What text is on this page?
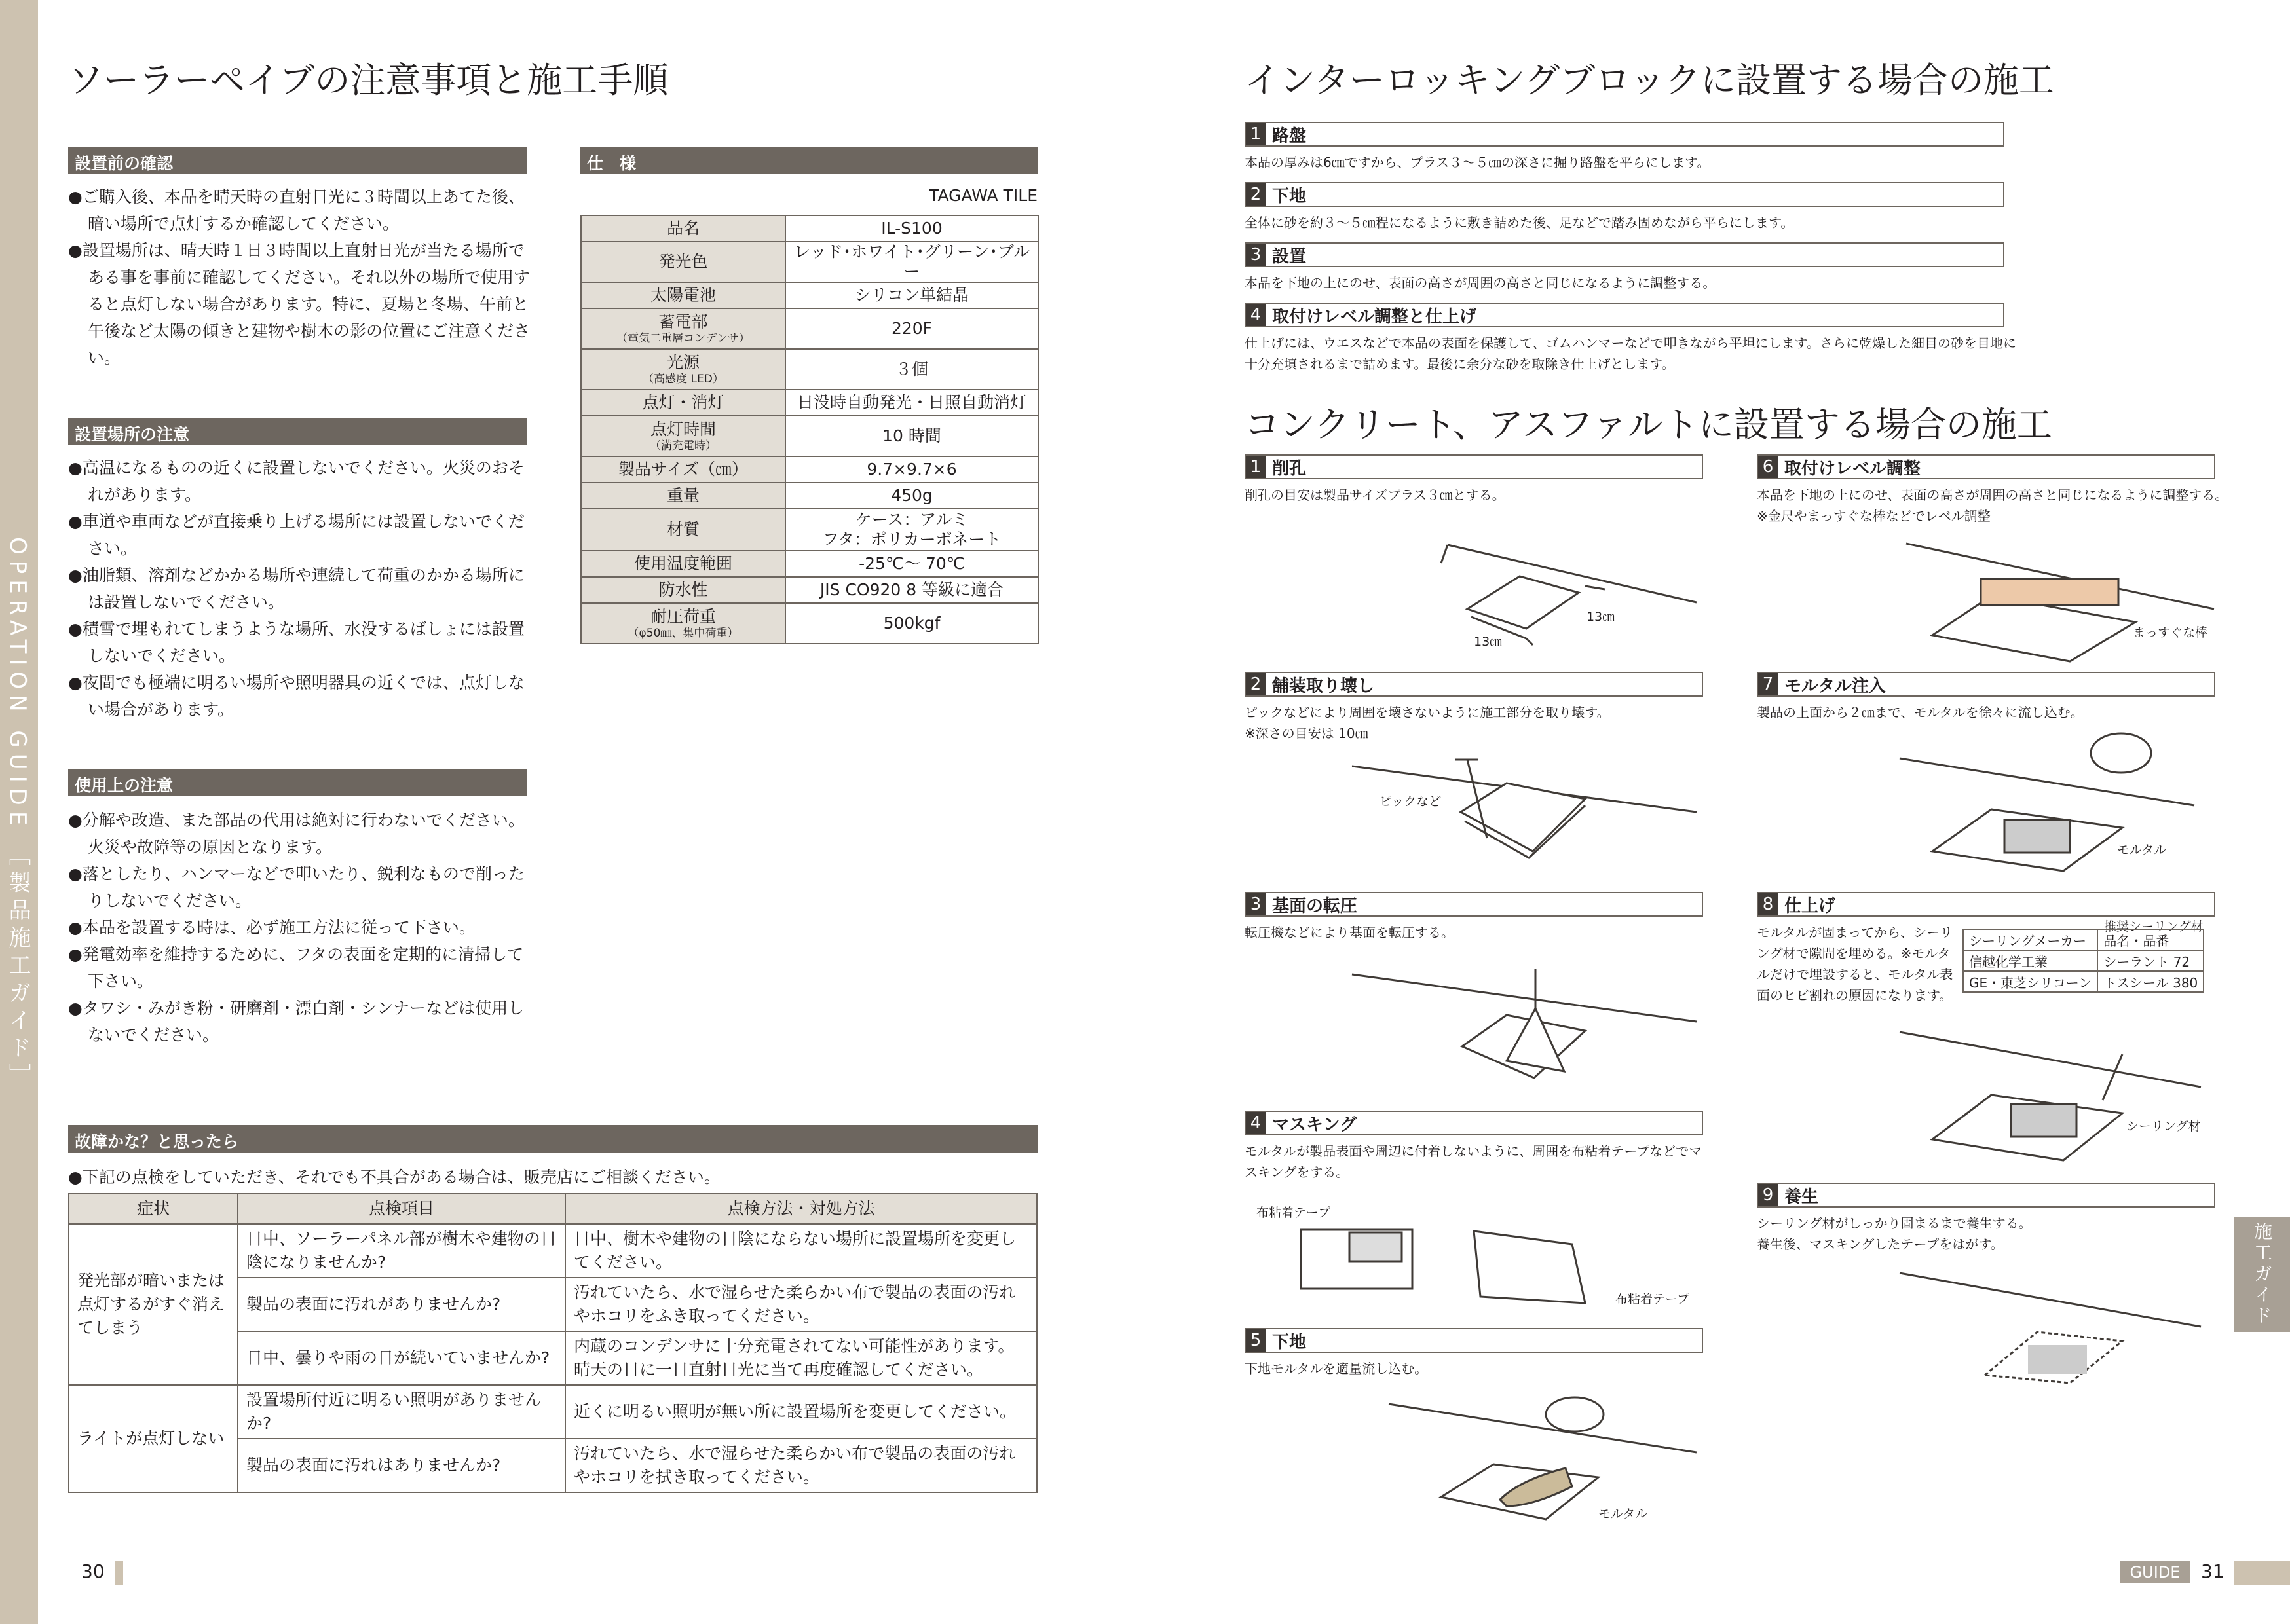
OPERATION GUIDE ［製品施工ガイド］
施工ガイド
ソーラーペイブの注意事項と施工手順
設置前の確認

●ご購入後、本品を晴天時の直射日光に３時間以上あてた後、暗い場所で点灯するか確認してください。

●設置場所は、晴天時１日３時間以上直射日光が当たる場所である事を事前に確認してください。それ以外の場所で使用すると点灯しない場合があります。特に、夏場と冬場、午前と午後など太陽の傾きと建物や樹木の影の位置にご注意ください。

設置場所の注意

●高温になるものの近くに設置しないでください。火災のおそれがあります。

●車道や車両などが直接乗り上げる場所には設置しないでください。

●油脂類、溶剤などかかる場所や連続して荷重のかかる場所には設置しないでください。

●積雪で埋もれてしまうような場所、水没するばしょには設置しないでください。

●夜間でも極端に明るい場所や照明器具の近くでは、点灯しない場合があります。

使用上の注意

●分解や改造、また部品の代用は絶対に行わないでください。火災や故障等の原因となります。

●落としたり、ハンマーなどで叩いたり、鋭利なもので削ったりしないでください。

●本品を設置する時は、必ず施工方法に従って下さい。

●発電効率を維持するために、フタの表面を定期的に清掃して下さい。

●タワシ・みがき粉・研磨剤・漂白剤・シンナーなどは使用しないでください。

仕　様
TAGAWA TILE
品名	IL-S100
発光色	レッド･ホワイト･グリーン･ブルー
太陽電池	シリコン単結晶
蓄電部
（電気二重層コンデンサ）	220F
光源
（高感度 LED）	３個
点灯・消灯	日没時自動発光・日照自動消灯
点灯時間
（満充電時）	10 時間
製品サイズ（㎝）	9.7×9.7×6
重量	450g
材質	ケース：アルミ
フタ：ポリカーボネート

使用温度範囲	-25℃〜 70℃
防水性	JIS CO920 8 等級に適合
耐圧荷重
（φ50㎜、集中荷重）	500kgf
故障かな？と思ったら
●下記の点検をしていただき、それでも不具合がある場合は、販売店にご相談ください。
症状	点検項目	点検方法・対処方法
発光部が暗いまたは点灯するがすぐ消えてしまう	日中、ソーラーパネル部が樹木や建物の日陰になりませんか?	日中、樹木や建物の日陰にならない場所に設置場所を変更してください。
	製品の表面に汚れがありませんか?	汚れていたら、水で湿らせた柔らかい布で製品の表面の汚れやホコリをふき取ってください。
	日中、曇りや雨の日が続いていませんか?	内蔵のコンデンサに十分充電されてない可能性があります。晴天の日に一日直射日光に当て再度確認してください。
ライトが点灯しない	設置場所付近に明るい照明がありませんか?	近くに明るい照明が無い所に設置場所を変更してください。
	製品の表面に汚れはありませんか?	汚れていたら、水で湿らせた柔らかい布で製品の表面の汚れやホコリを拭き取ってください。
30
インターロッキングブロックに設置する場合の施工
1 路盤
本品の厚みは6㎝ですから、プラス３〜５㎝の深さに掘り路盤を平らにします。
2 下地
全体に砂を約３〜５㎝程になるように敷き詰めた後、足などで踏み固めながら平らにします。
3 設置
本品を下地の上にのせ、表面の高さが周囲の高さと同じになるように調整する。
4 取付けレベル調整と仕上げ
仕上げには、ウエスなどで本品の表面を保護して、ゴムハンマーなどで叩きながら平坦にします。さらに乾燥した細目の砂を目地に十分充填されるまで詰めます。最後に余分な砂を取除き仕上げとします。
コンクリート、アスファルトに設置する場合の施工
1 削孔
削孔の目安は製品サイズプラス３㎝とする。
2 舗装取り壊し
ピックなどにより周囲を壊さないように施工部分を取り壊す。
※深さの目安は 10㎝
3 基面の転圧
転圧機などにより基面を転圧する。
4 マスキング
モルタルが製品表面や周辺に付着しないように、周囲を布粘着テープなどでマスキングをする。
5 下地
下地モルタルを適量流し込む。
6 取付けレベル調整
本品を下地の上にのせ、表面の高さが周囲の高さと同じになるように調整する。
※金尺やまっすぐな棒などでレベル調整
7 モルタル注入
製品の上面から２㎝まで、モルタルを徐々に流し込む。
8 仕上げ
モルタルが固まってから、シーリング材で隙間を埋める。※モルタルだけで埋設すると、モルタル表面のヒビ割れの原因になります。
推奨シーリング材
シーリングメーカー	品名・品番
信越化学工業	シーラント 72
GE・東芝シリコーン	トスシール 380
9 養生
シーリング材がしっかり固まるまで養生する。
養生後、マスキングしたテープをはがす。
13㎝
13㎝
ピックなど
布粘着テープ
布粘着テープ
モルタル
まっすぐな棒
モルタル
シーリング材
GUIDE	31
